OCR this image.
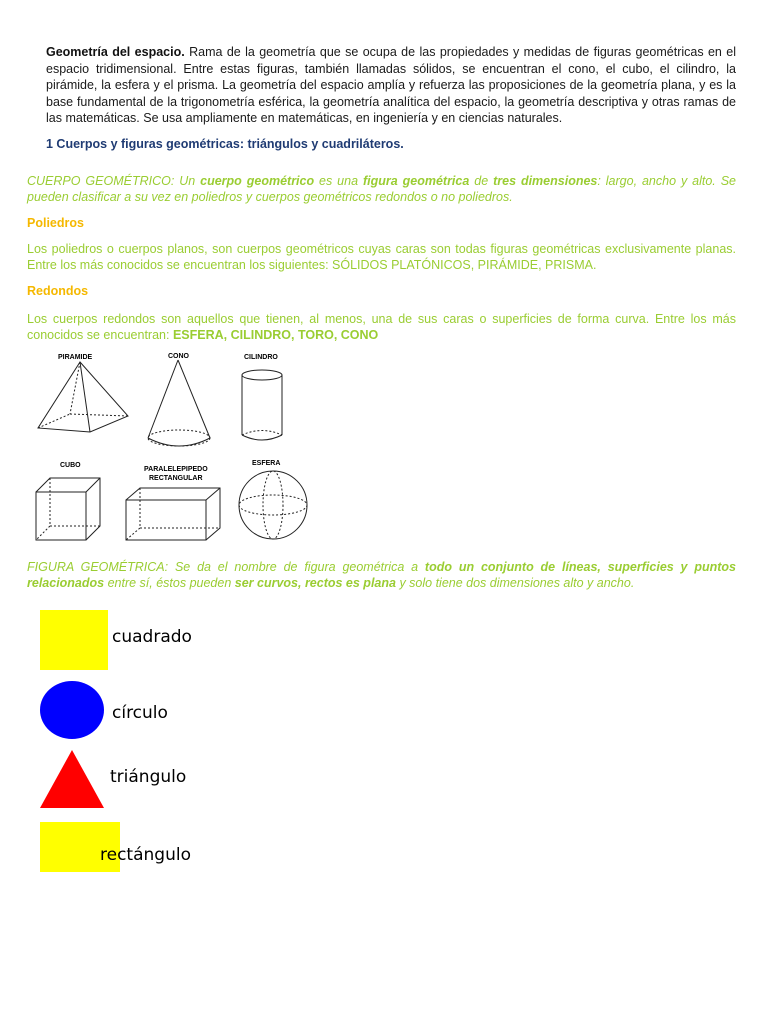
Geometría del espacio. Rama de la geometría que se ocupa de las propiedades y medidas de figuras geométricas en el espacio tridimensional. Entre estas figuras, también llamadas sólidos, se encuentran el cono, el cubo, el cilindro, la pirámide, la esfera y el prisma. La geometría del espacio amplía y refuerza las proposiciones de la geometría plana, y es la base fundamental de la trigonometría esférica, la geometría analítica del espacio, la geometría descriptiva y otras ramas de las matemáticas. Se usa ampliamente en matemáticas, en ingeniería y en ciencias naturales.
1 Cuerpos y figuras geométricas: triángulos y cuadriláteros.
CUERPO GEOMÉTRICO: Un cuerpo geométrico es una figura geométrica de tres dimensiones: largo, ancho y alto. Se pueden clasificar a su vez en poliedros y cuerpos geométricos redondos o no poliedros.
Poliedros
Los poliedros o cuerpos planos, son cuerpos geométricos cuyas caras son todas figuras geométricas exclusivamente planas. Entre los más conocidos se encuentran los siguientes: SÓLIDOS PLATÓNICOS, PIRÁMIDE, PRISMA.
Redondos
Los cuerpos redondos son aquellos que tienen, al menos, una de sus caras o superficies de forma curva. Entre los más conocidos se encuentran: ESFERA, CILINDRO, TORO, CONO
PIRAMIDE	CONO	CILINDRO
CUBO
PARALELEPIPEDO
RECTANGULAR
ESFERA
FIGURA GEOMÉTRICA: Se da el nombre de figura geométrica a todo un conjunto de líneas, superficies y puntos relacionados entre sí, éstos pueden ser curvos, rectos es plana y solo tiene dos dimensiones alto y ancho.
cuadrado
círculo
triángulo
rectángulo
